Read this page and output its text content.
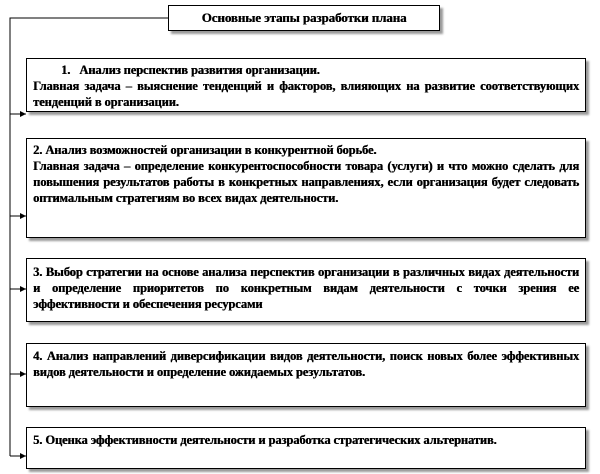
Основные этапы разработки плана

1.   Анализ перспектив развития организации.

Главная задача – выяснение тенденций и факторов, влияющих на развитие соответствующих тенденций в организации.

2. Анализ возможностей организации в конкурентной борьбе.

Главная задача – определение конкурентоспособности товара (услуги) и что можно сделать для повышения результатов работы в конкретных направлениях, если организация будет следовать оптимальным стратегиям во всех видах деятельности.

3. Выбор стратегии на основе анализа перспектив организации в различных видах деятельности и определение приоритетов по конкретным видам деятельности с точки зрения ее эффективности и обеспечения ресурсами

4. Анализ направлений диверсификации видов деятельности, поиск новых более эффективных видов деятельности и определение ожидаемых результатов.

5. Оценка эффективности деятельности и разработка стратегических альтернатив.
